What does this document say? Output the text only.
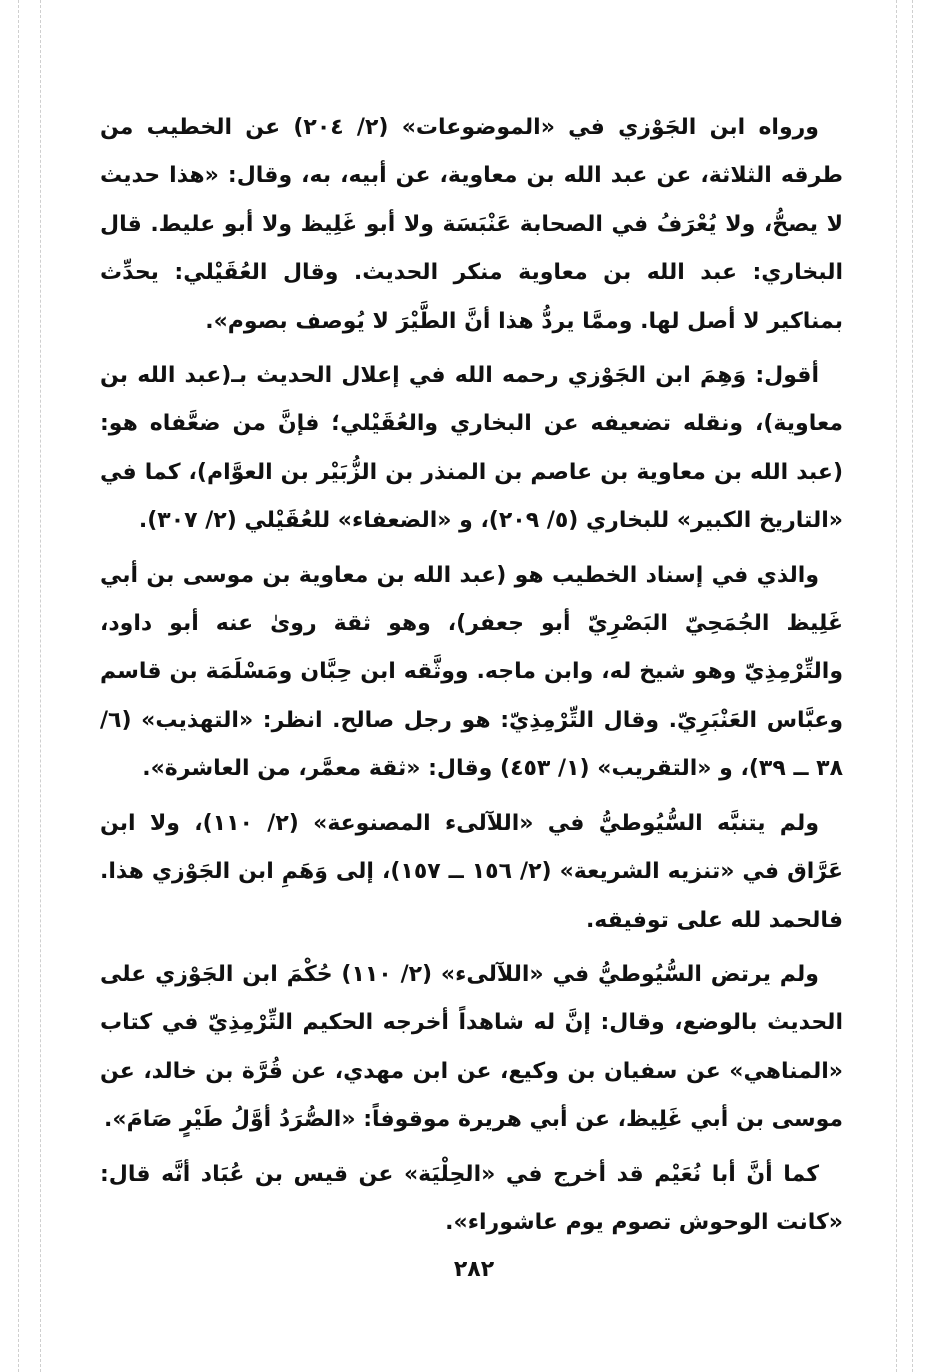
ورواه ابن الجَوْزي في «الموضوعات» (٢/ ٢٠٤) عن الخطيب من طرقه الثلاثة، عن عبد الله بن معاوية، عن أبيه، به، وقال: «هذا حديث لا يصحُّ، ولا يُعْرَفُ في الصحابة عَنْبَسَة ولا أبو غَلِيظ ولا أبو عليط. قال البخاري: عبد الله بن معاوية منكر الحديث. وقال العُقَيْلي: يحدِّث بمناكير لا أصل لها. وممَّا يردُّ هذا أنَّ الطَّيْرَ لا يُوصف بصوم».

أقول: وَهِمَ ابن الجَوْزي رحمه الله في إعلال الحديث بـ(عبد الله بن معاوية)، ونقله تضعيفه عن البخاري والعُقَيْلي؛ فإنَّ من ضعَّفاه هو: (عبد الله بن معاوية بن عاصم بن المنذر بن الزُّبَيْر بن العوَّام)، كما في «التاريخ الكبير» للبخاري (٥/ ٢٠٩)، و «الضعفاء» للعُقَيْلي (٢/ ٣٠٧).

والذي في إسناد الخطيب هو (عبد الله بن معاوية بن موسى بن أبي غَلِيظ الجُمَحِيّ البَصْرِيّ أبو جعفر)، وهو ثقة روىٰ عنه أبو داود، والتِّرْمِذِيّ وهو شيخ له، وابن ماجه. ووثَّقه ابن حِبَّان ومَسْلَمَة بن قاسم وعبَّاس العَنْبَرِيّ. وقال التِّرْمِذِيّ: هو رجل صالح. انظر: «التهذيب» (٦/ ٣٨ ــ ٣٩)، و «التقريب» (١/ ٤٥٣) وقال: «ثقة معمَّر، من العاشرة».

ولم يتنبَّه السُّيُوطيُّ في «اللآلىء المصنوعة» (٢/ ١١٠)، ولا ابن عَرَّاق في «تنزيه الشريعة» (٢/ ١٥٦ ــ ١٥٧)، إلى وَهَمِ ابن الجَوْزي هذا. فالحمد لله على توفيقه.

ولم يرتض السُّيُوطيُّ في «اللآلىء» (٢/ ١١٠) حُكْمَ ابن الجَوْزي على الحديث بالوضع، وقال: إنَّ له شاهداً أخرجه الحكيم التِّرْمِذِيّ في كتاب «المناهي» عن سفيان بن وكيع، عن ابن مهدي، عن قُرَّة بن خالد، عن موسى بن أبي غَلِيظ، عن أبي هريرة موقوفاً: «الصُّرَدُ أوَّلُ طَيْرٍ صَامَ».

كما أنَّ أبا نُعَيْم قد أخرج في «الحِلْيَة» عن قيس بن عُبَاد أنَّه قال: «كانت الوحوش تصوم يوم عاشوراء».

٢٨٢
